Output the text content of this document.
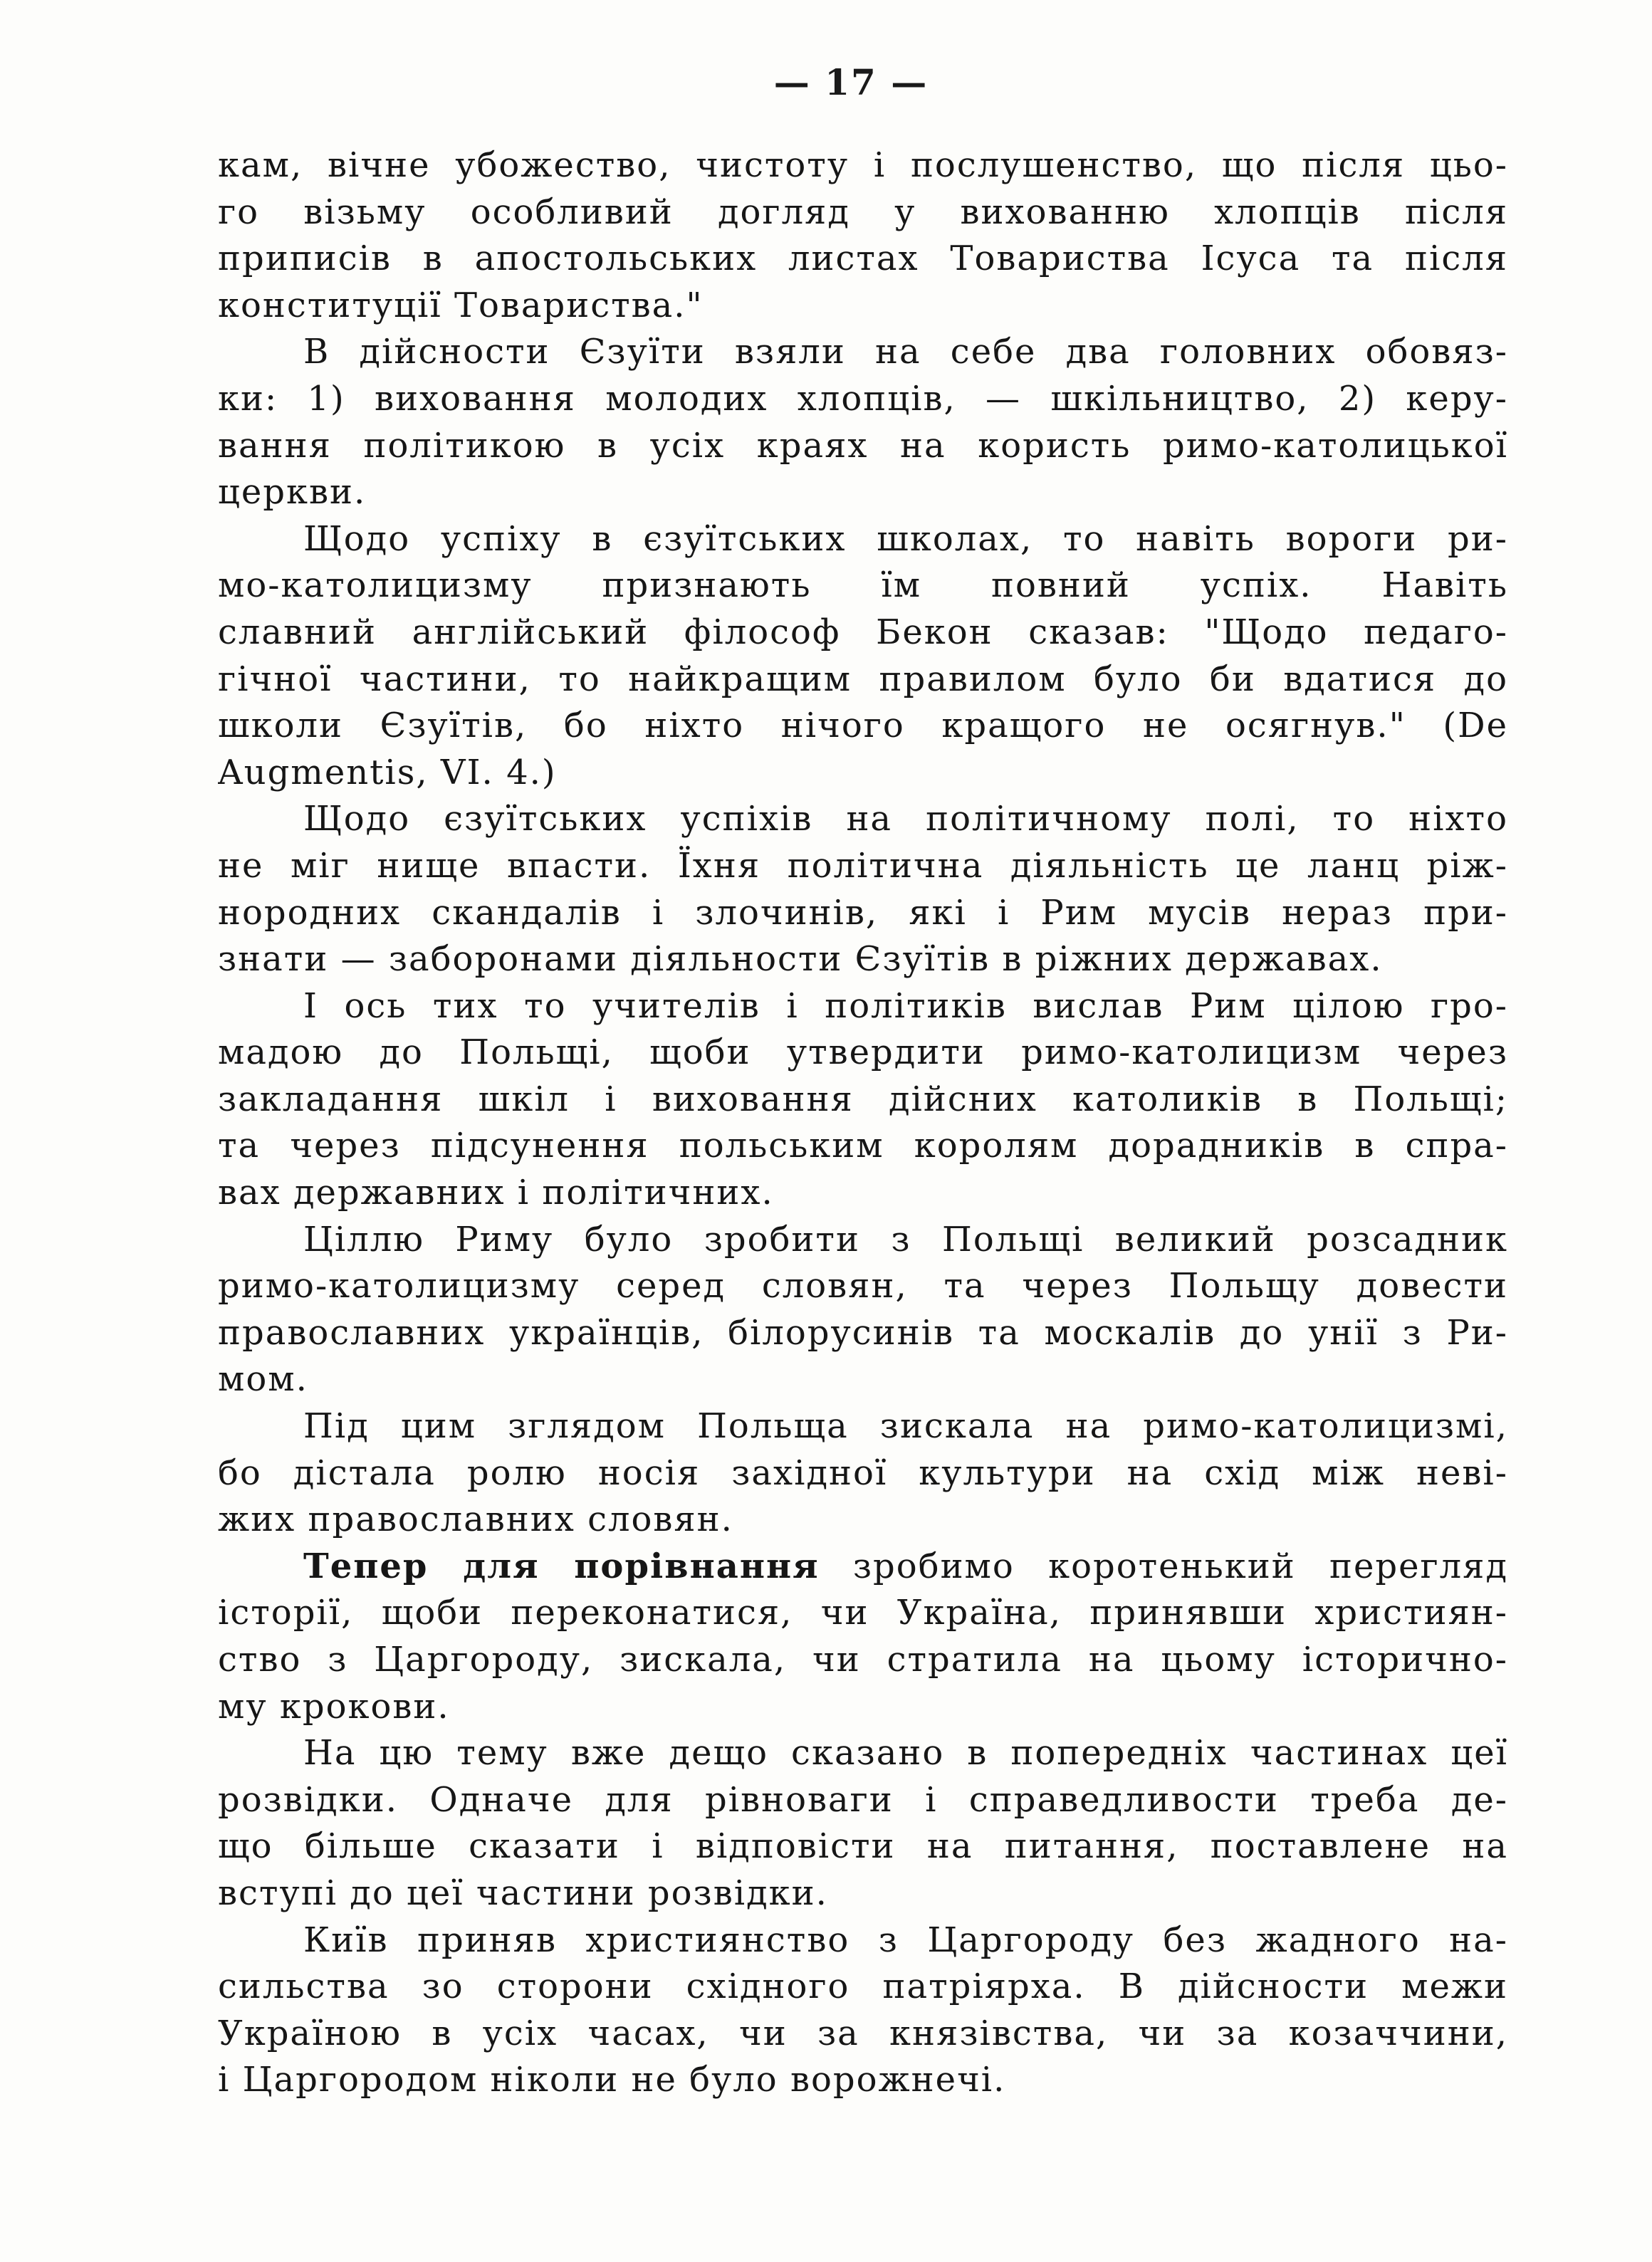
— 17 —
кам, вічне убожество, чистоту і послушенство, що після цьо-
го візьму особливий догляд у вихованню хлопців після
приписів в апостольських листах Товариства Ісуса та після
конституції Товариства."
В дійсности Єзуїти взяли на себе два головних обовяз-
ки: 1) виховання молодих хлопців, — шкільництво, 2) керу-
вання політикою в усіх краях на користь римо-католицької
церкви.
Щодо успіху в єзуїтських школах, то навіть вороги ри-
мо-католицизму признають їм повний успіх. Навіть
славний англійський філософ Бекон сказав: "Щодо педаго-
гічної частини, то найкращим правилом було би вдатися до
школи Єзуїтів, бо ніхто нічого кращого не осягнув." (De
Augmentis, VI. 4.)
Щодо єзуїтських успіхів на політичному полі, то ніхто
не міг нище впасти. Їхня політична діяльність це ланц ріж-
нородних скандалів і злочинів, які і Рим мусів нераз при-
знати — заборонами діяльности Єзуїтів в ріжних державах.
І ось тих то учителів і політиків вислав Рим цілою гро-
мадою до Польщі, щоби утвердити римо-католицизм через
закладання шкіл і виховання дійсних католиків в Польщі;
та через підсунення польським королям дорадників в спра-
вах державних і політичних.
Ціллю Риму було зробити з Польщі великий розсадник
римо-католицизму серед словян, та через Польщу довести
православних українців, білорусинів та москалів до унії з Ри-
мом.
Під цим зглядом Польща зискала на римо-католицизмі,
бо дістала ролю носія західної культури на схід між неві-
жих православних словян.
Тепер для порівнання зробимо коротенький перегляд
історії, щоби переконатися, чи Україна, принявши християн-
ство з Царгороду, зискала, чи стратила на цьому історично-
му крокови.
На цю тему вже дещо сказано в попередніх частинах цеї
розвідки. Одначе для рівноваги і справедливости треба де-
що більше сказати і відповісти на питання, поставлене на
вступі до цеї частини розвідки.
Київ приняв християнство з Царгороду без жадного на-
сильства зо сторони східного патріярха. В дійсности межи
Україною в усіх часах, чи за князівства, чи за козаччини,
і Царгородом ніколи не було ворожнечі.
